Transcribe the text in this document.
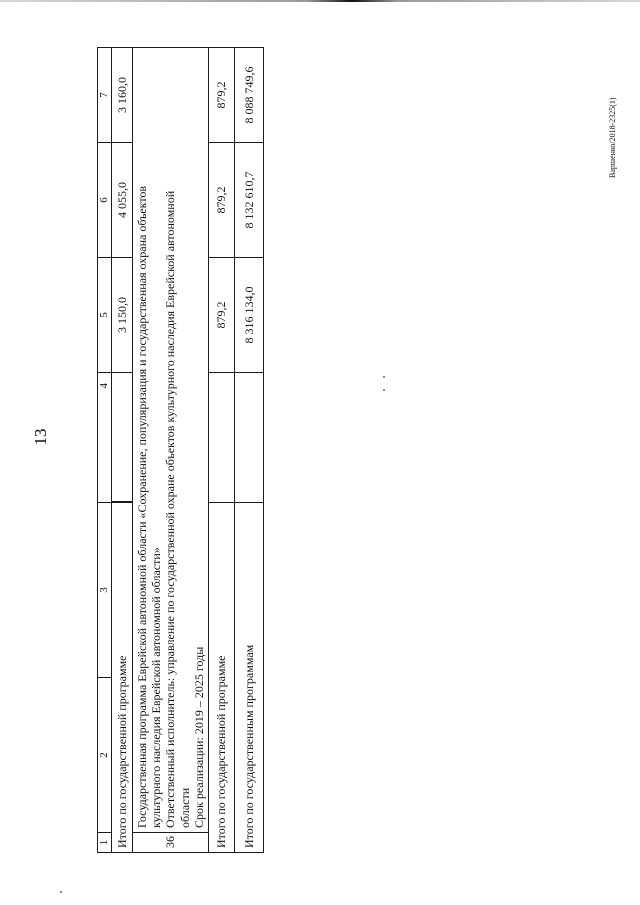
13
Варшенко/2018-2325(1)
1	2	3	4	5	6	7
Итого по государственной программе				3 150,0	4 055,0	3 160,0
36	Государственная программа Еврейской автономной области «Сохранение, популяризация и государственная охрана объектов культурного наследия Еврейской автономной области» Ответственный исполнитель: управление по государственной охране объектов культурного наследия Еврейской автономной области Срок реализации: 2019 – 2025 годы					

Итого по государственной программе				879,2	879,2	879,2
Итого по государственным программам				8 316 134,0	8 132 610,7	8 088 749,6
